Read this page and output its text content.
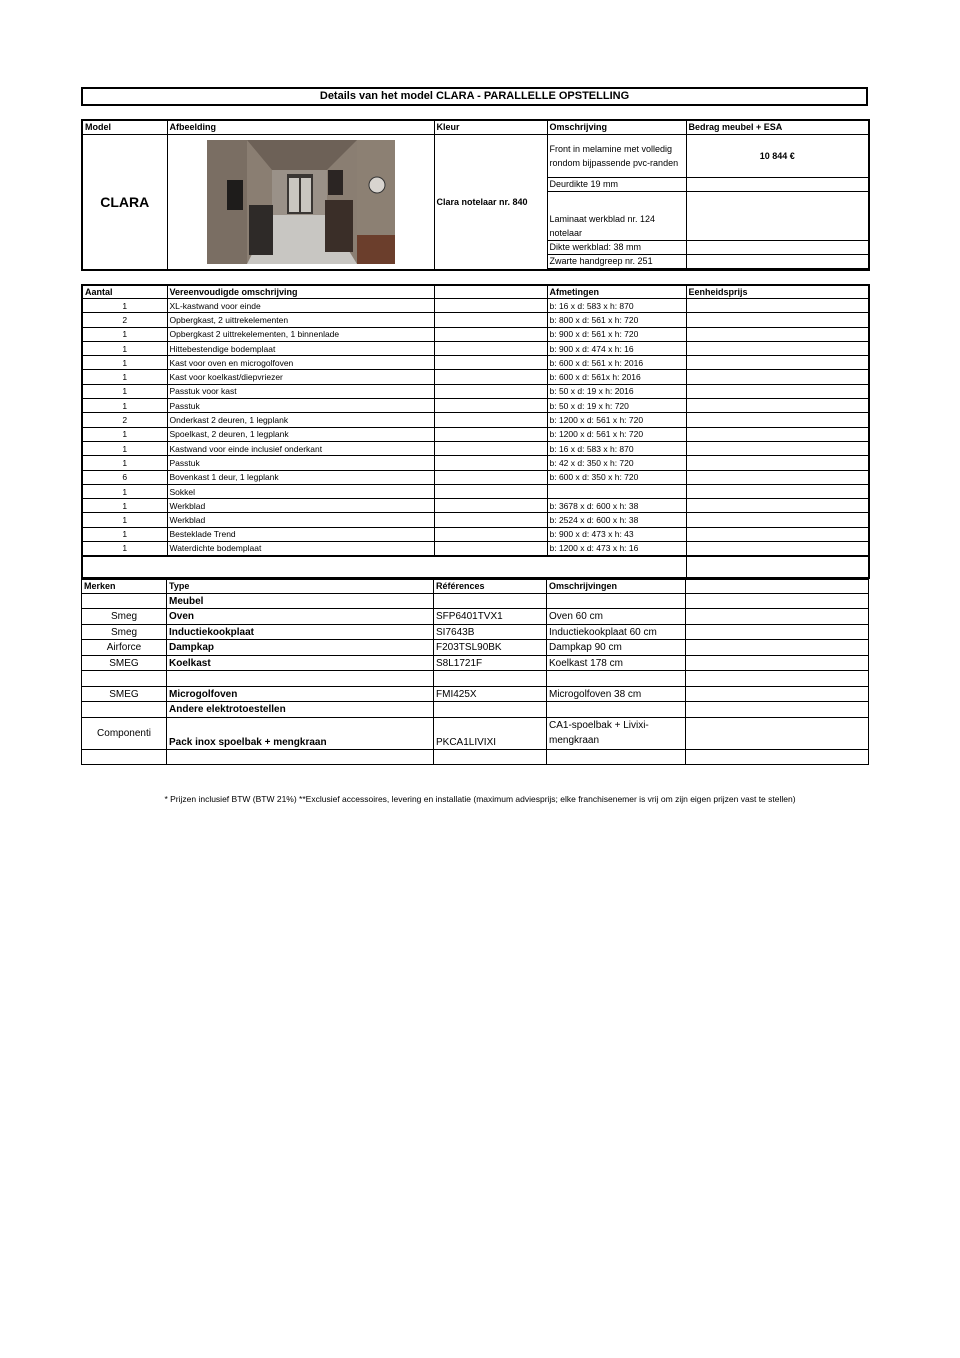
Details van het model CLARA - PARALLELLE OPSTELLING
Model	Afbeelding	Kleur	Omschrijving	Bedrag meubel + ESA
CLARA		Clara notelaar nr. 840	Front in melamine met volledig rondom bijpassende pvc-randen	10 844 €
			Deurdikte 19 mm	
			Laminaat werkblad nr. 124 notelaar	
			Dikte werkblad: 38 mm	
			Zwarte handgreep nr. 251	

Aantal	Vereenvoudigde omschrijving		Afmetingen	Eenheidsprijs
1	XL-kastwand voor einde		b: 16 x d: 583 x h: 870	
2	Opbergkast, 2 uittrekelementen		b: 800 x d: 561 x h: 720	
1	Opbergkast 2 uittrekelementen, 1 binnenlade		b: 900 x d: 561 x h: 720	
1	Hittebestendige bodemplaat		b: 900 x d: 474 x h: 16	
1	Kast voor oven en microgolfoven		b: 600 x d: 561 x h: 2016	
1	Kast voor koelkast/diepvriezer		b: 600 x d: 561x h: 2016	
1	Passtuk voor kast		b: 50 x d: 19 x h: 2016	
1	Passtuk		b: 50 x d: 19 x h: 720	
2	Onderkast 2 deuren, 1 legplank		b: 1200 x d: 561 x h: 720	
1	Spoelkast, 2 deuren, 1 legplank		b: 1200 x d: 561 x h: 720	
1	Kastwand voor einde inclusief onderkant		b: 16 x d: 583 x h: 870	
1	Passtuk		b: 42 x d: 350 x h: 720	
6	Bovenkast 1 deur, 1 legplank		b: 600 x d: 350 x h: 720	
1	Sokkel			
1	Werkblad		b: 3678 x d: 600 x h: 38	
1	Werkblad		b: 2524 x d: 600 x h: 38	
1	Besteklade Trend		b: 900 x d: 473 x h: 43	
1	Waterdichte bodemplaat		b: 1200 x d: 473 x h: 16	

Merken	Type	Références	Omschrijvingen	
	Meubel			
Smeg	Oven	SFP6401TVX1	Oven 60 cm	
Smeg	Inductiekookplaat	SI7643B	Inductiekookplaat 60 cm	
Airforce	Dampkap	F203TSL90BK	Dampkap 90 cm	
SMEG	Koelkast	S8L1721F	Koelkast 178 cm	

SMEG	Microgolfoven	FMI425X	Microgolfoven 38 cm	
	Andere elektrotoestellen			
Componenti	Pack inox spoelbak + mengkraan	PKCA1LIVIXI	CA1-spoelbak + Livixi-mengkraan	

* Prijzen inclusief BTW (BTW 21%) **Exclusief accessoires, levering en installatie (maximum adviesprijs; elke franchisenemer is vrij om zijn eigen prijzen vast te stellen)
